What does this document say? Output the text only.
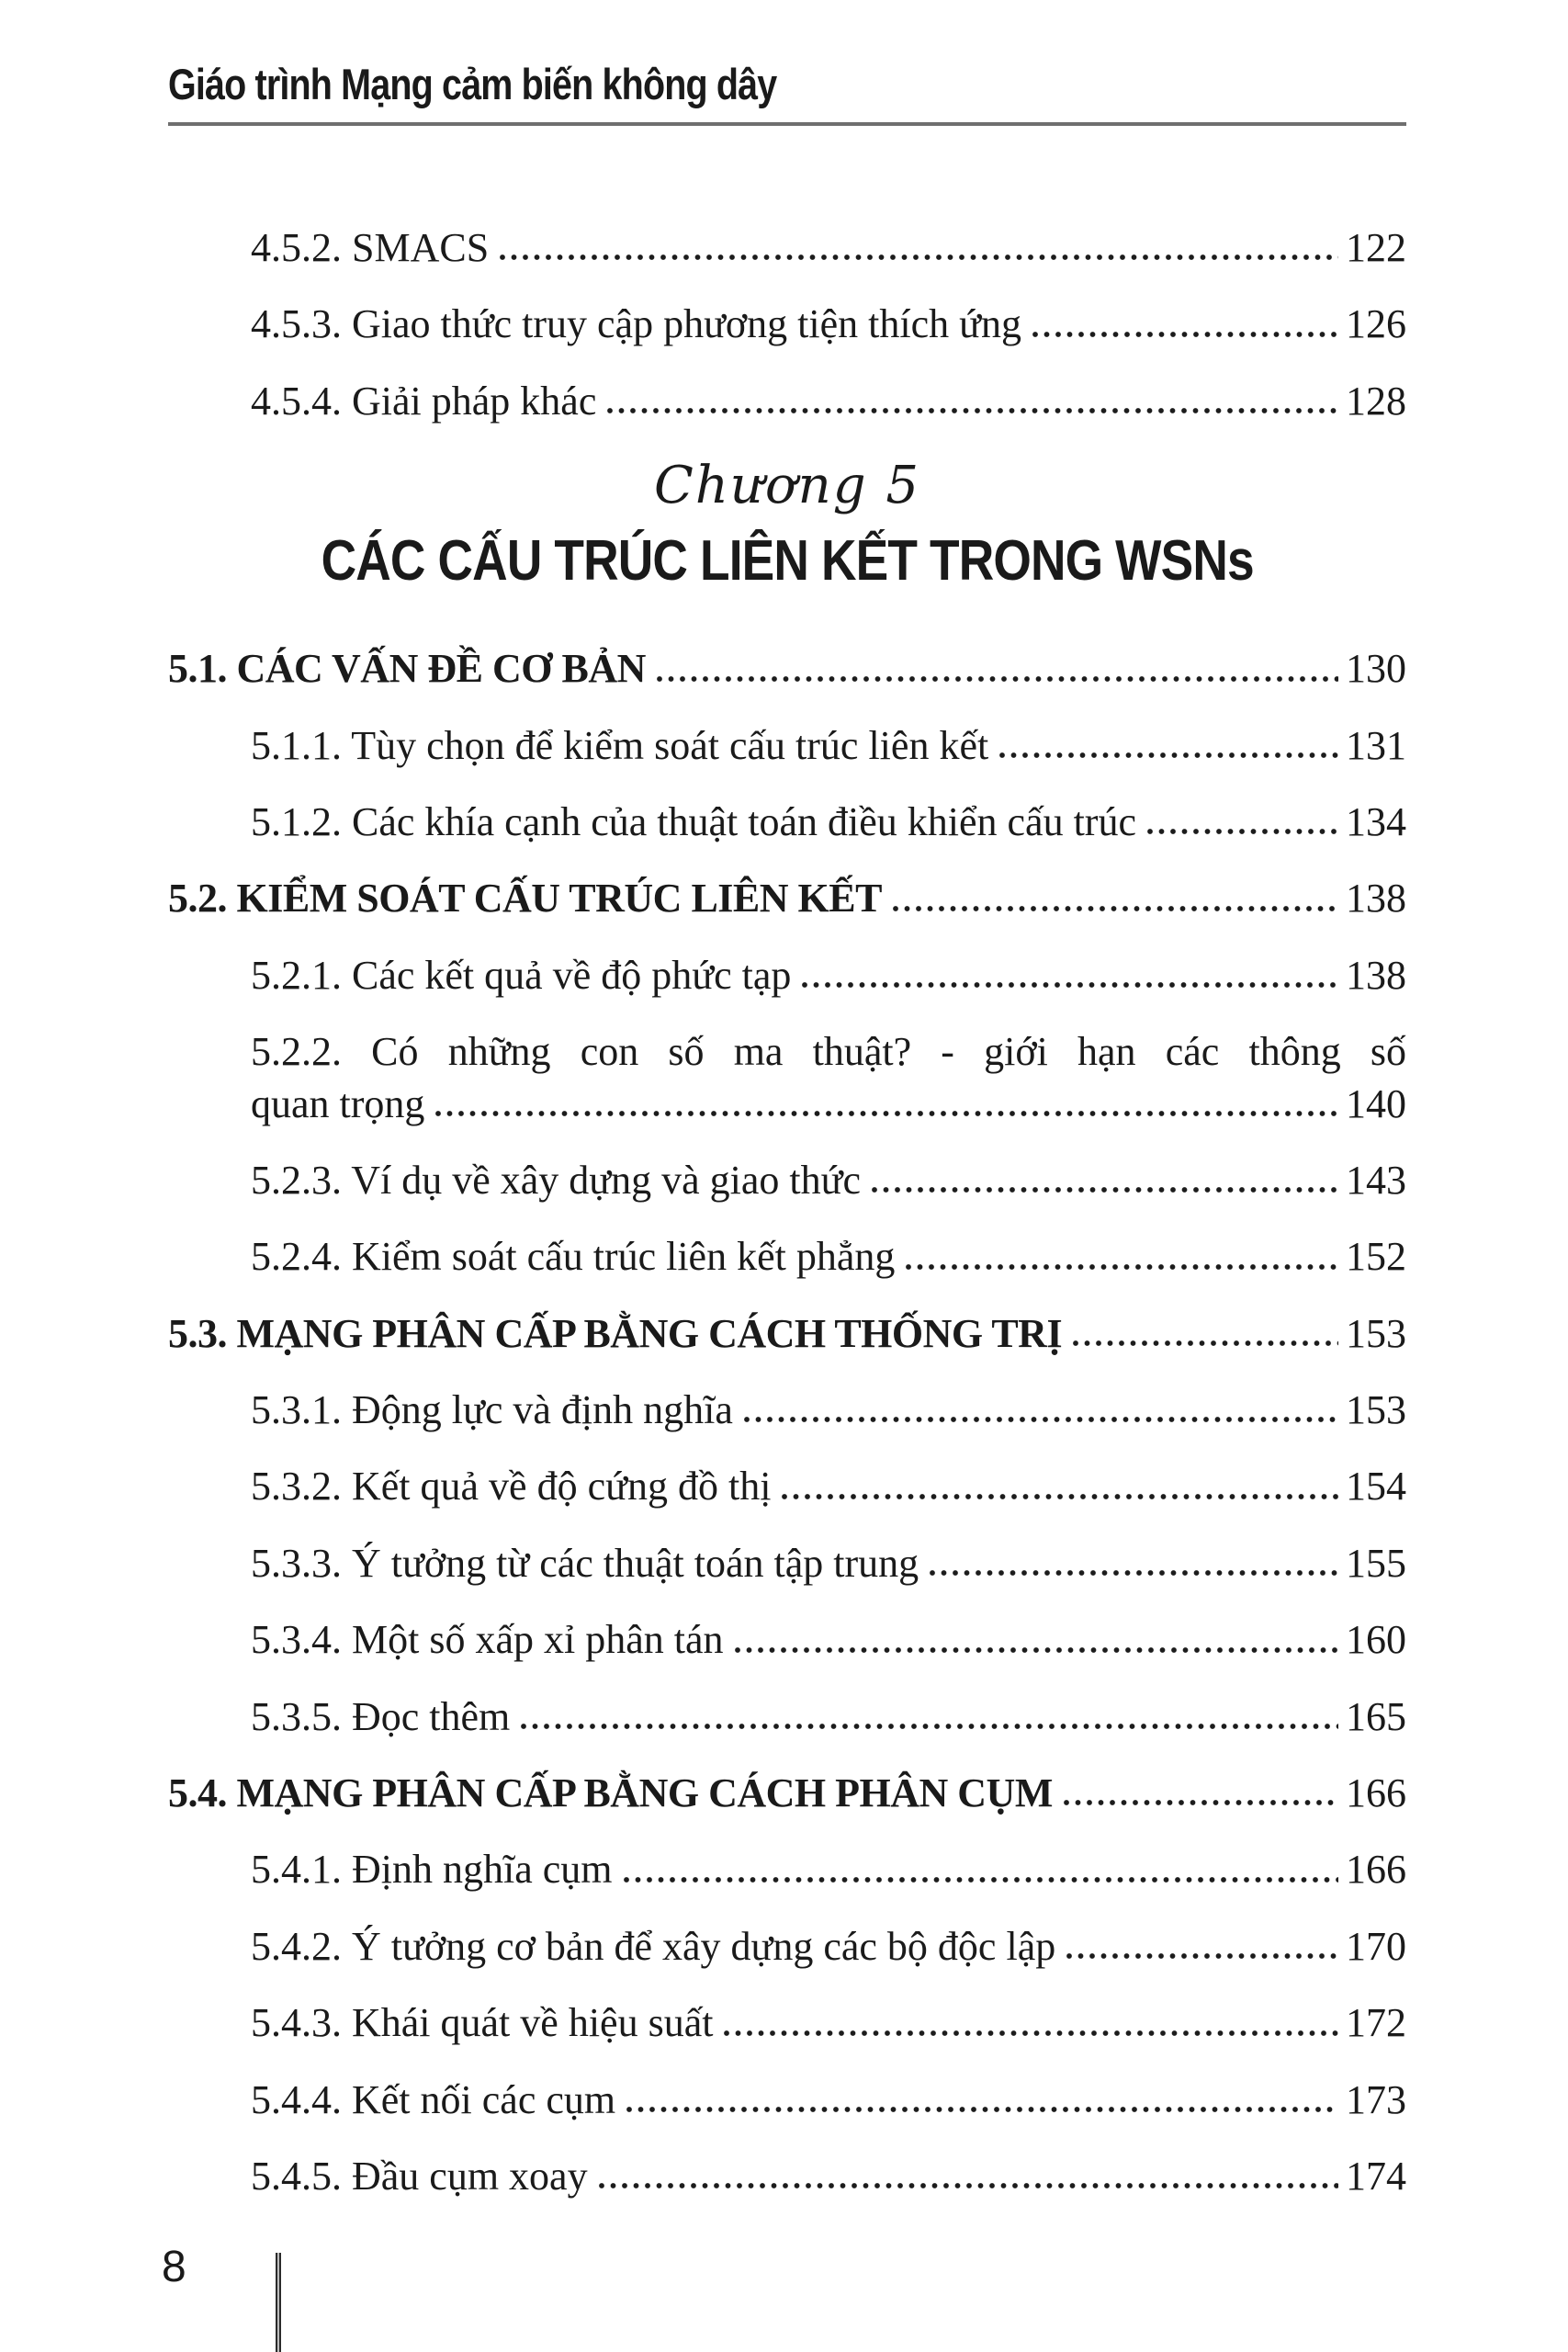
Giáo trình Mạng cảm biến không dây
4.5.2. SMACS	122
4.5.3. Giao thức truy cập phương tiện thích ứng	126
4.5.4. Giải pháp khác	128
Chương 5
CÁC CẤU TRÚC LIÊN KẾT TRONG WSNs
5.1. CÁC VẤN ĐỀ CƠ BẢN	130
5.1.1. Tùy chọn để kiểm soát cấu trúc liên kết	131
5.1.2. Các khía cạnh của thuật toán điều khiển cấu trúc	134
5.2. KIỂM SOÁT CẤU TRÚC LIÊN KẾT	138
5.2.1. Các kết quả về độ phức tạp	138
5.2.2. Có những con số ma thuật? - giới hạn các thông số
quan trọng	140
5.2.3. Ví dụ về xây dựng và giao thức	143
5.2.4. Kiểm soát cấu trúc liên kết phẳng	152
5.3. MẠNG PHÂN CẤP BẰNG CÁCH THỐNG TRỊ	153
5.3.1. Động lực và định nghĩa	153
5.3.2. Kết quả về độ cứng đồ thị	154
5.3.3. Ý tưởng từ các thuật toán tập trung	155
5.3.4. Một số xấp xỉ phân tán	160
5.3.5. Đọc thêm	165
5.4. MẠNG PHÂN CẤP BẰNG CÁCH PHÂN CỤM	166
5.4.1. Định nghĩa cụm	166
5.4.2. Ý tưởng cơ bản để xây dựng các bộ độc lập	170
5.4.3. Khái quát về hiệu suất	172
5.4.4. Kết nối các cụm	173
5.4.5. Đầu cụm xoay	174
8
